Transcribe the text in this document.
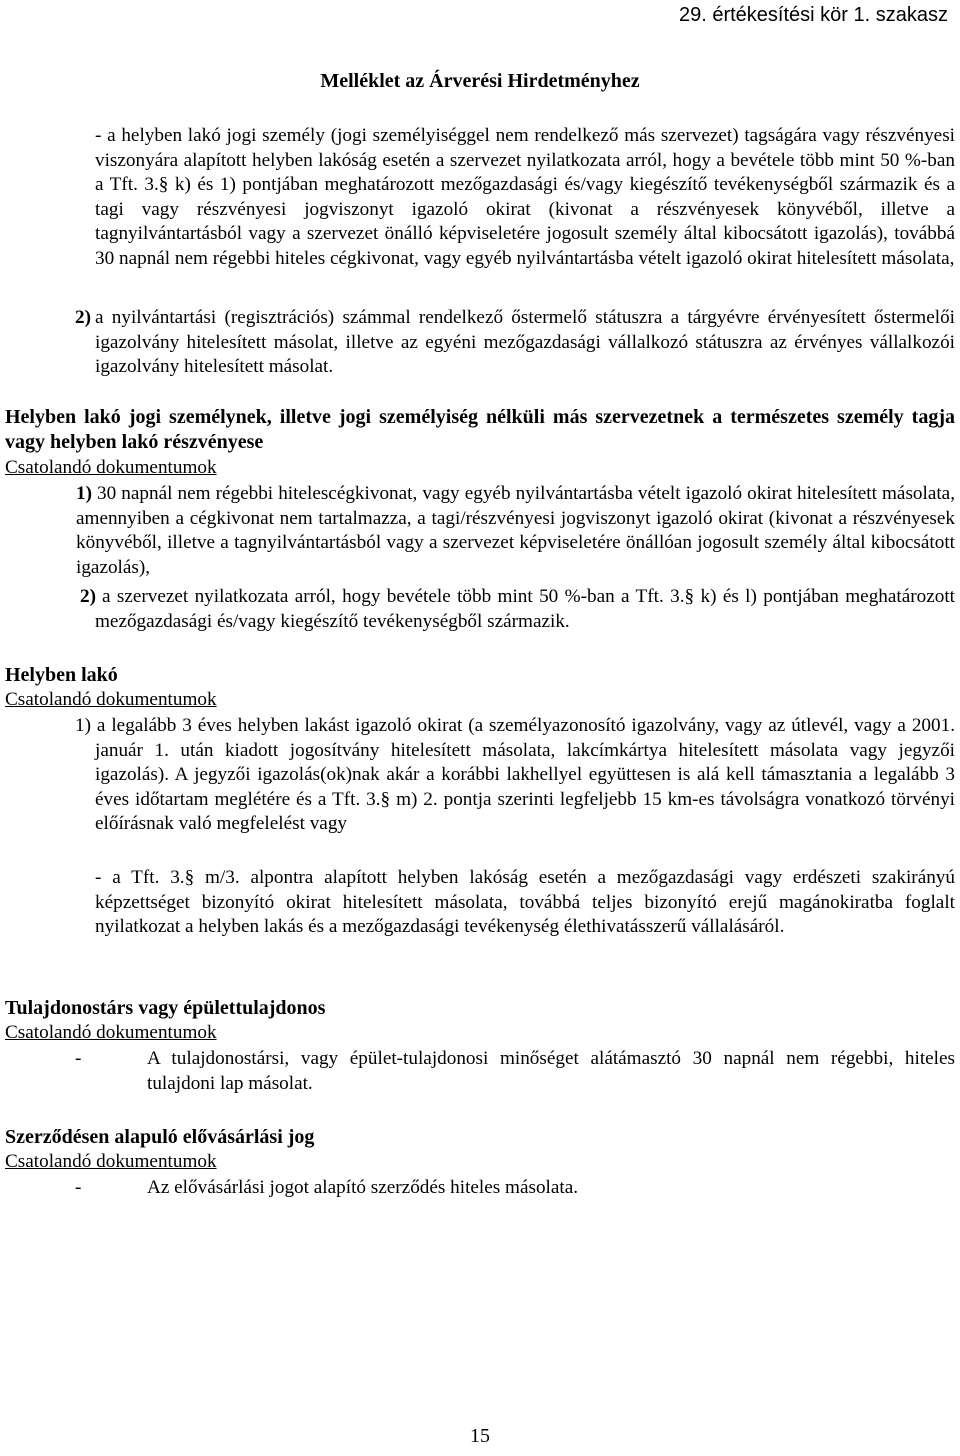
29. értékesítési kör 1. szakasz
Melléklet az Árverési Hirdetményhez
- a helyben lakó jogi személy (jogi személyiséggel nem rendelkező más szervezet) tagságára vagy részvényesi viszonyára alapított helyben lakóság esetén a szervezet nyilatkozata arról, hogy a bevétele több mint 50 %-ban a Tft. 3.§ k) és 1) pontjában meghatározott mezőgazdasági és/vagy kiegészítő tevékenységből származik és a tagi vagy részvényesi jogviszonyt igazoló okirat (kivonat a részvényesek könyvéből, illetve a tagnyilvántartásból vagy a szervezet önálló képviseletére jogosult személy által kibocsátott igazolás), továbbá 30 napnál nem régebbi hiteles cégkivonat, vagy egyéb nyilvántartásba vételt igazoló okirat hitelesített másolata,
2) a nyilvántartási (regisztrációs) számmal rendelkező őstermelő státuszra a tárgyévre érvényesített őstermelői igazolvány hitelesített másolat, illetve az egyéni mezőgazdasági vállalkozó státuszra az érvényes vállalkozói igazolvány hitelesített másolat.
Helyben lakó jogi személynek, illetve jogi személyiség nélküli más szervezetnek a természetes személy tagja vagy helyben lakó részvényese
Csatolandó dokumentumok
1) 30 napnál nem régebbi hitelescégkivonat, vagy egyéb nyilvántartásba vételt igazoló okirat hitelesített másolata, amennyiben a cégkivonat nem tartalmazza, a tagi/részvényesi jogviszonyt igazoló okirat (kivonat a részvényesek könyvéből, illetve a tagnyilvántartásból vagy a szervezet képviseletére önállóan jogosult személy által kibocsátott igazolás),
2) a szervezet nyilatkozata arról, hogy bevétele több mint 50 %-ban a Tft. 3.§ k) és l) pontjában meghatározott mezőgazdasági és/vagy kiegészítő tevékenységből származik.
Helyben lakó
Csatolandó dokumentumok
1) a legalább 3 éves helyben lakást igazoló okirat (a személyazonosító igazolvány, vagy az útlevél, vagy a 2001. január 1. után kiadott jogosítvány hitelesített másolata, lakcímkártya hitelesített másolata vagy jegyzői igazolás). A jegyzői igazolás(ok)nak akár a korábbi lakhellyel együttesen is alá kell támasztania a legalább 3 éves időtartam meglétére és a Tft. 3.§ m) 2. pontja szerinti legfeljebb 15 km-es távolságra vonatkozó törvényi előírásnak való megfelelést vagy
- a Tft. 3.§ m/3. alpontra alapított helyben lakóság esetén a mezőgazdasági vagy erdészeti szakirányú képzettséget bizonyító okirat hitelesített másolata, továbbá teljes bizonyító erejű magánokiratba foglalt nyilatkozat a helyben lakás és a mezőgazdasági tevékenység élethivatásszerű vállalásáról.
Tulajdonostárs vagy épülettulajdonos
Csatolandó dokumentumok
-	A tulajdonostársi, vagy épület-tulajdonosi minőséget alátámasztó 30 napnál nem régebbi, hiteles tulajdoni lap másolat.
Szerződésen alapuló elővásárlási jog
Csatolandó dokumentumok
-	Az elővásárlási jogot alapító szerződés hiteles másolata.
15
